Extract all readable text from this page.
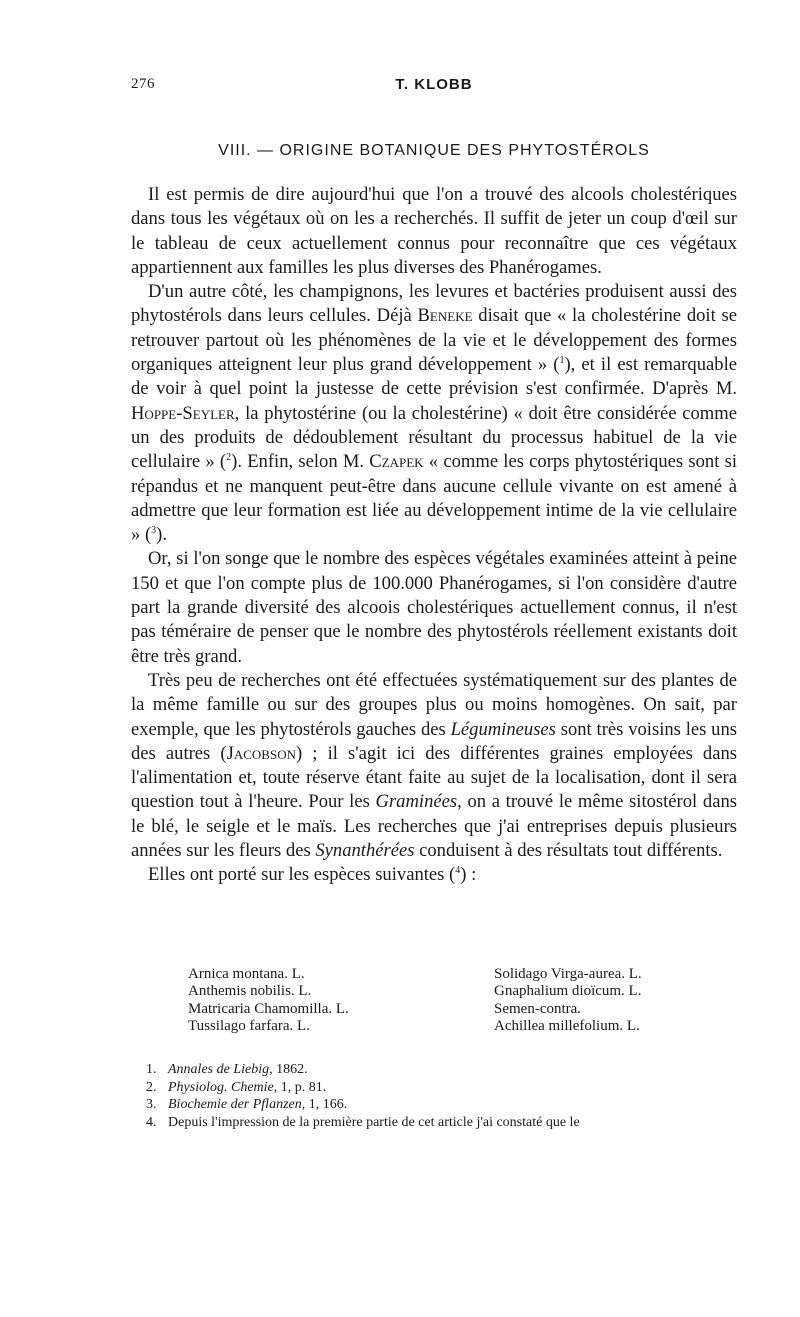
276	T. KLOBB
VIII. — ORIGINE BOTANIQUE DES PHYTOSTÉROLS

Il est permis de dire aujourd'hui que l'on a trouvé des alcools cholestériques dans tous les végétaux où on les a recherchés. Il suffit de jeter un coup d'œil sur le tableau de ceux actuellement connus pour reconnaître que ces végétaux appartiennent aux familles les plus diverses des Phanérogames.

D'un autre côté, les champignons, les levures et bactéries produisent aussi des phytostérols dans leurs cellules. Déjà Beneke disait que « la cholestérine doit se retrouver partout où les phénomènes de la vie et le développement des formes organiques atteignent leur plus grand développement » ($^1$), et il est remarquable de voir à quel point la justesse de cette prévision s'est confirmée. D'après M. Hoppe-Seyler, la phytostérine (ou la cholestérine) « doit être considérée comme un des produits de dédoublement résultant du processus habituel de la vie cellulaire » ($^2$). Enfin, selon M. Czapek « comme les corps phytostériques sont si répandus et ne manquent peut-être dans aucune cellule vivante on est amené à admettre que leur formation est liée au développement intime de la vie cellulaire » ($^3$).

Or, si l'on songe que le nombre des espèces végétales examinées atteint à peine 150 et que l'on compte plus de 100.000 Phanérogames, si l'on considère d'autre part la grande diversité des alcoois cholestériques actuellement connus, il n'est pas téméraire de penser que le nombre des phytostérols réellement existants doit être très grand.

Très peu de recherches ont été effectuées systématiquement sur des plantes de la même famille ou sur des groupes plus ou moins homogènes. On sait, par exemple, que les phytostérols gauches des Légumineuses sont très voisins les uns des autres (Jacobson) ; il s'agit ici des différentes graines employées dans l'alimentation et, toute réserve étant faite au sujet de la localisation, dont il sera question tout à l'heure. Pour les Graminées, on a trouvé le même sitostérol dans le blé, le seigle et le maïs. Les recherches que j'ai entreprises depuis plusieurs années sur les fleurs des Synanthérées conduisent à des résultats tout différents.

Elles ont porté sur les espèces suivantes ($^4$) :

Arnica montana. L.
Anthemis nobilis. L.
Matricaria Chamomilla. L.
Tussilago farfara. L.
Solidago Virga-aurea. L.
Gnaphalium dioïcum. L.
Semen-contra.
Achillea millefolium. L.
1. Annales de Liebig, 1862.
2. Physiolog. Chemie, 1, p. 81.
3. Biochemie der Pflanzen, 1, 166.
4. Depuis l'impression de la première partie de cet article j'ai constaté que le
